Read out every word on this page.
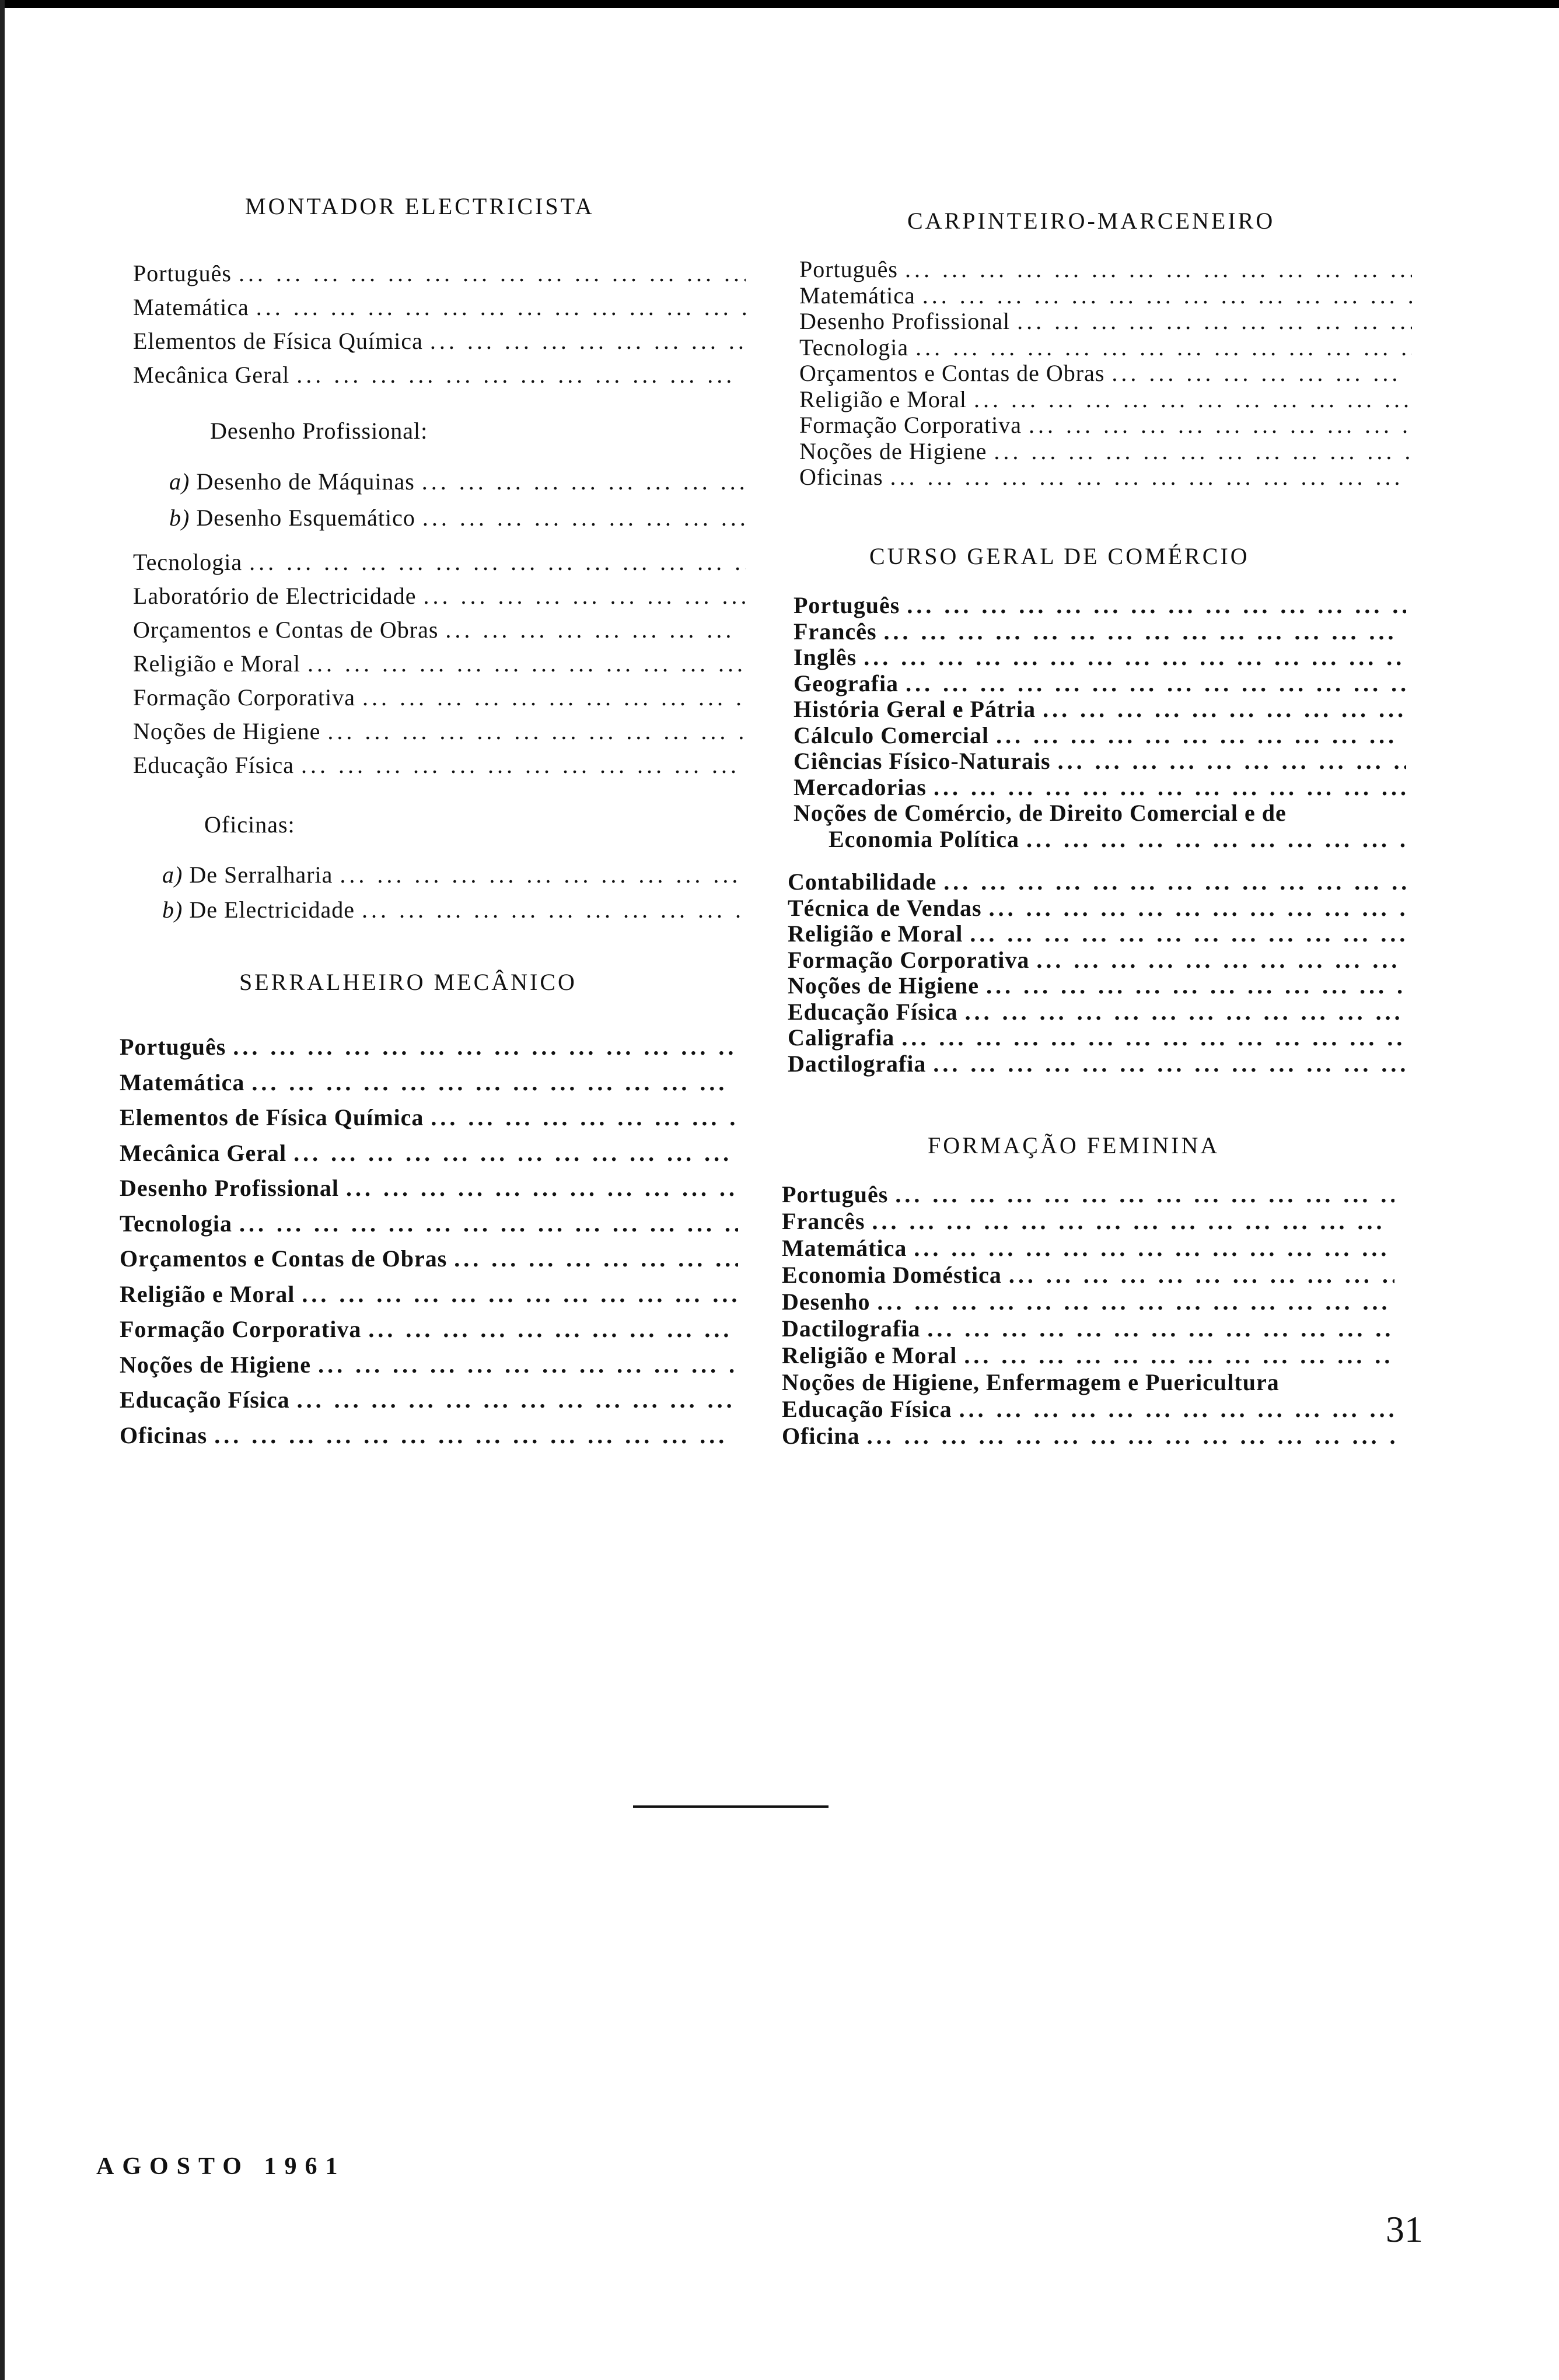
MONTADOR ELECTRICISTA
Português
... .
Matemática
... .
Elementos de Física Química
... .
Mecânica Geral
... .
Desenho Profissional:
a) Desenho de Máquinas
... .
b) Desenho Esquemático
... .
Tecnologia
... .
Laboratório de Electricidade
... .
Orçamentos e Contas de Obras
... .
Religião e Moral
... .
Formação Corporativa
... .
Noções de Higiene
... .
Educação Física
... .
Oficinas:
a) De Serralharia
... .
b) De Electricidade
... .
SERRALHEIRO MECÂNICO
Português
... .
Matemática
... .
Elementos de Física Química
... .
Mecânica Geral
... .
Desenho Profissional
... .
Tecnologia
... .
Orçamentos e Contas de Obras
... .
Religião e Moral
... .
Formação Corporativa
... .
Noções de Higiene
... .
Educação Física
... .
Oficinas
... .
CARPINTEIRO-MARCENEIRO
Português
... .
Matemática
... .
Desenho Profissional
... .
Tecnologia
... .
Orçamentos e Contas de Obras
... .
Religião e Moral
... .
Formação Corporativa
... .
Noções de Higiene
... .
Oficinas
... .
CURSO GERAL DE COMÉRCIO
Português
... .
Francês
... .
Inglês
... .
Geografia
... .
História Geral e Pátria
... .
Cálculo Comercial
... .
Ciências Físico-Naturais
... .
Mercadorias
... .
Noções de Comércio, de Direito Comercial e de
Economia Política
... .
Contabilidade
... .
Técnica de Vendas
... .
Religião e Moral
... .
Formação Corporativa
... .
Noções de Higiene
... .
Educação Física
... .
Caligrafia
... .
Dactilografia
... .
FORMAÇÃO FEMININA
Português
... .
Francês
... .
Matemática
... .
Economia Doméstica
... .
Desenho
... .
Dactilografia
... .
Religião e Moral
... .
Noções de Higiene, Enfermagem e Puericultura
Educação Física
... .
Oficina
... .
AGOSTO 1961
31
